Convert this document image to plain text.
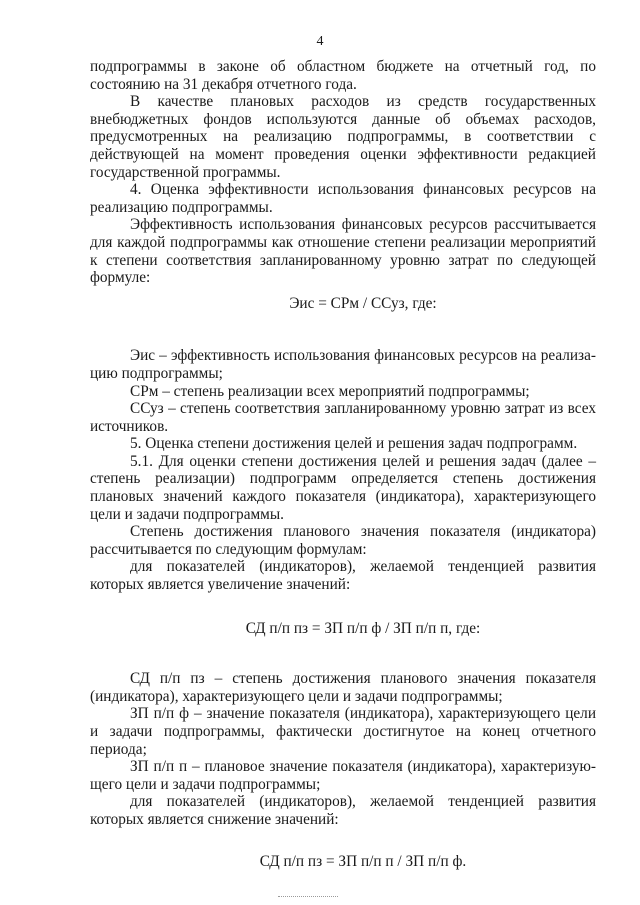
4

подпрограммы в законе об областном бюджете на отчетный год, по состоянию на 31 декабря отчетного года.

В качестве плановых расходов из средств государственных внебюджетных фондов используются данные об объемах расходов, предусмотренных на реализацию подпрограммы, в соответствии с действующей на момент проведения оценки эффективности редакцией государственной программы.

4. Оценка эффективности использования финансовых ресурсов на реализацию подпрограммы.

Эффективность использования финансовых ресурсов рассчитывается для каждой подпрограммы как отношение степени реализации мероприятий к степени соответствия запланированному уровню затрат по следующей формуле:

Эис = СРм / ССуз, где:

Эис – эффективность использования финансовых ресурсов на реализа-цию подпрограммы;

СРм – степень реализации всех мероприятий подпрограммы;

ССуз – степень соответствия запланированному уровню затрат из всех источников.

5. Оценка степени достижения целей и решения задач подпрограмм.

5.1. Для оценки степени достижения целей и решения задач (далее – степень реализации) подпрограмм определяется степень достижения плановых значений каждого показателя (индикатора), характеризующего цели и задачи подпрограммы.

Степень достижения планового значения показателя (индикатора) рассчитывается по следующим формулам:

для показателей (индикаторов), желаемой тенденцией развития которых является увеличение значений:

СД п/п пз = ЗП п/п ф / ЗП п/п п, где:

СД п/п пз – степень достижения планового значения показателя (индикатора), характеризующего цели и задачи подпрограммы;

ЗП п/п ф – значение показателя (индикатора), характеризующего цели и задачи подпрограммы, фактически достигнутое на конец отчетного периода;

ЗП п/п п – плановое значение показателя (индикатора), характеризую-щего цели и задачи подпрограммы;

для показателей (индикаторов), желаемой тенденцией развития которых является снижение значений:

СД п/п пз = ЗП п/п п / ЗП п/п ф.
